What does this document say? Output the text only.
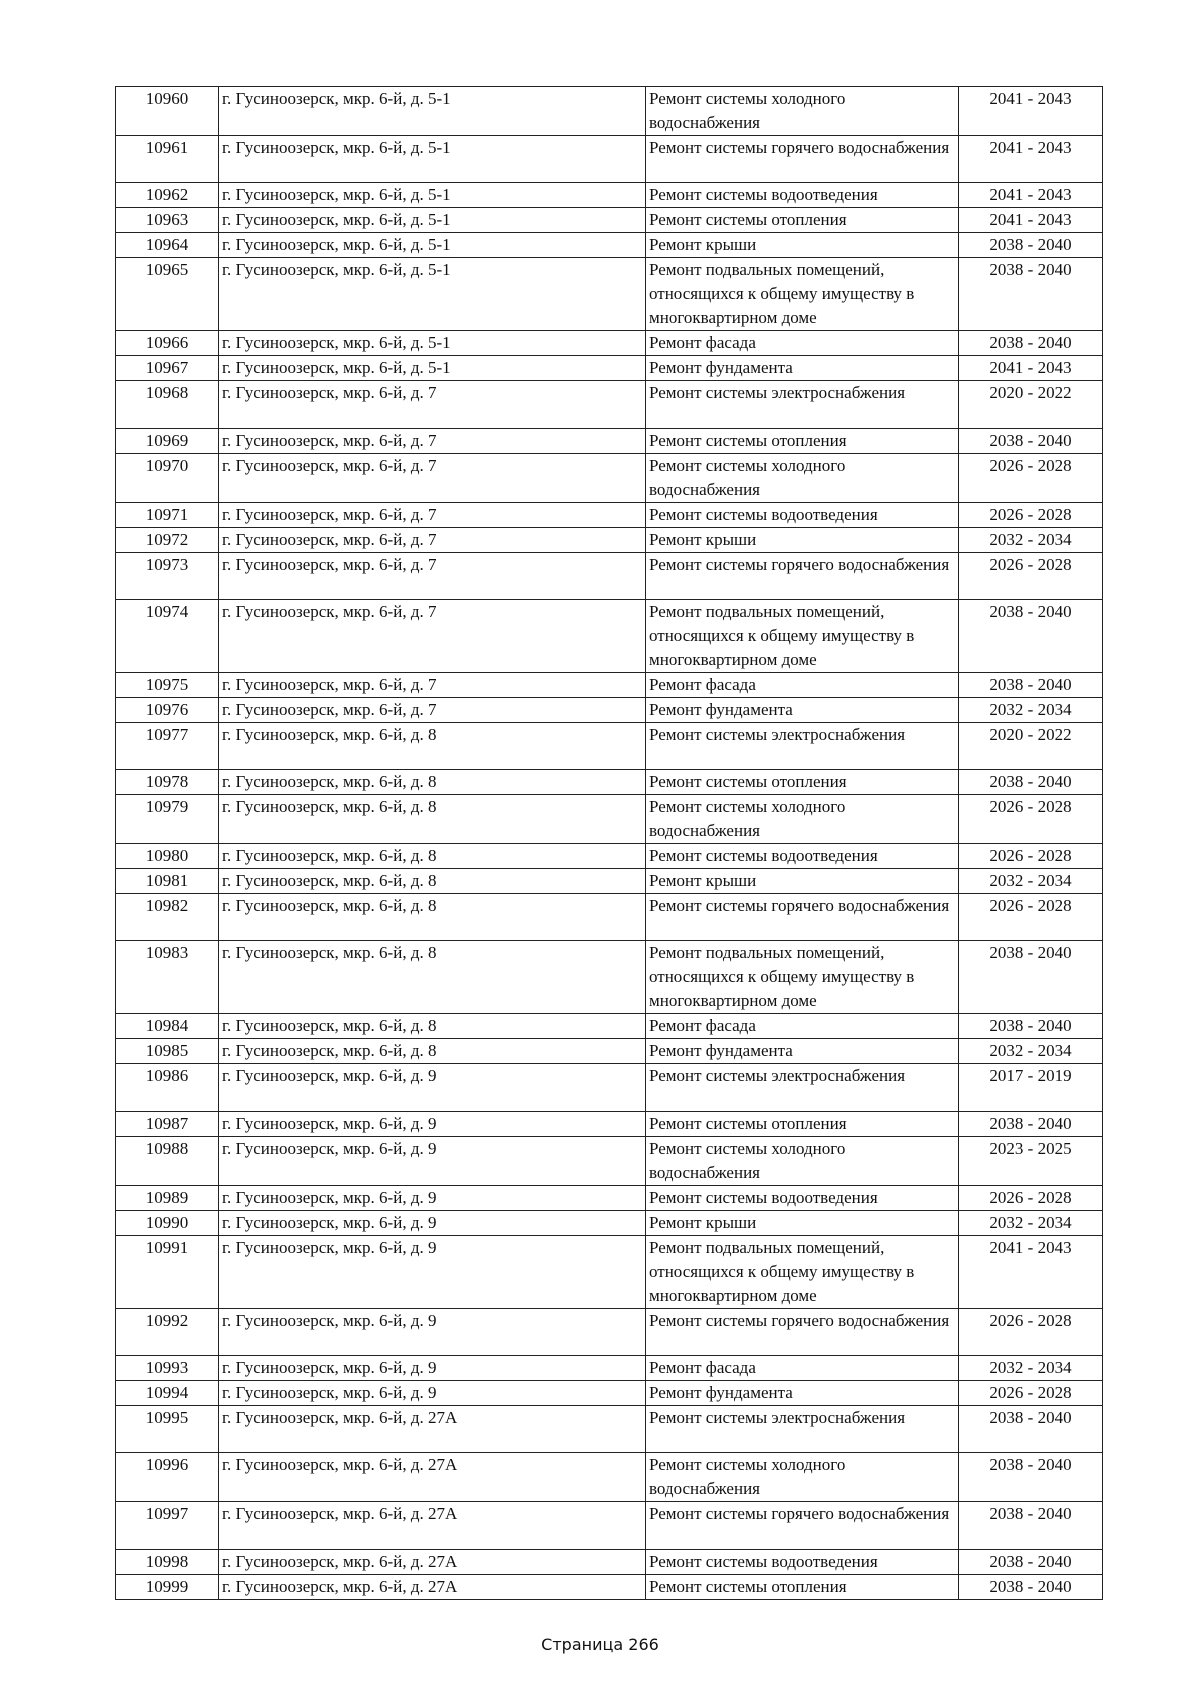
10960	г. Гусиноозерск, мкр. 6-й, д. 5-1	Ремонт системы холодного водоснабжения	2041 - 2043
10961	г. Гусиноозерск, мкр. 6-й, д. 5-1	Ремонт системы горячего водоснабжения	2041 - 2043
10962	г. Гусиноозерск, мкр. 6-й, д. 5-1	Ремонт системы водоотведения	2041 - 2043
10963	г. Гусиноозерск, мкр. 6-й, д. 5-1	Ремонт системы отопления	2041 - 2043
10964	г. Гусиноозерск, мкр. 6-й, д. 5-1	Ремонт крыши	2038 - 2040
10965	г. Гусиноозерск, мкр. 6-й, д. 5-1	Ремонт подвальных помещений, относящихся к общему имуществу в многоквартирном доме	2038 - 2040
10966	г. Гусиноозерск, мкр. 6-й, д. 5-1	Ремонт фасада	2038 - 2040
10967	г. Гусиноозерск, мкр. 6-й, д. 5-1	Ремонт фундамента	2041 - 2043
10968	г. Гусиноозерск, мкр. 6-й, д. 7	Ремонт системы электроснабжения	2020 - 2022
10969	г. Гусиноозерск, мкр. 6-й, д. 7	Ремонт системы отопления	2038 - 2040
10970	г. Гусиноозерск, мкр. 6-й, д. 7	Ремонт системы холодного водоснабжения	2026 - 2028
10971	г. Гусиноозерск, мкр. 6-й, д. 7	Ремонт системы водоотведения	2026 - 2028
10972	г. Гусиноозерск, мкр. 6-й, д. 7	Ремонт крыши	2032 - 2034
10973	г. Гусиноозерск, мкр. 6-й, д. 7	Ремонт системы горячего водоснабжения	2026 - 2028
10974	г. Гусиноозерск, мкр. 6-й, д. 7	Ремонт подвальных помещений, относящихся к общему имуществу в многоквартирном доме	2038 - 2040
10975	г. Гусиноозерск, мкр. 6-й, д. 7	Ремонт фасада	2038 - 2040
10976	г. Гусиноозерск, мкр. 6-й, д. 7	Ремонт фундамента	2032 - 2034
10977	г. Гусиноозерск, мкр. 6-й, д. 8	Ремонт системы электроснабжения	2020 - 2022
10978	г. Гусиноозерск, мкр. 6-й, д. 8	Ремонт системы отопления	2038 - 2040
10979	г. Гусиноозерск, мкр. 6-й, д. 8	Ремонт системы холодного водоснабжения	2026 - 2028
10980	г. Гусиноозерск, мкр. 6-й, д. 8	Ремонт системы водоотведения	2026 - 2028
10981	г. Гусиноозерск, мкр. 6-й, д. 8	Ремонт крыши	2032 - 2034
10982	г. Гусиноозерск, мкр. 6-й, д. 8	Ремонт системы горячего водоснабжения	2026 - 2028
10983	г. Гусиноозерск, мкр. 6-й, д. 8	Ремонт подвальных помещений, относящихся к общему имуществу в многоквартирном доме	2038 - 2040
10984	г. Гусиноозерск, мкр. 6-й, д. 8	Ремонт фасада	2038 - 2040
10985	г. Гусиноозерск, мкр. 6-й, д. 8	Ремонт фундамента	2032 - 2034
10986	г. Гусиноозерск, мкр. 6-й, д. 9	Ремонт системы электроснабжения	2017 - 2019
10987	г. Гусиноозерск, мкр. 6-й, д. 9	Ремонт системы отопления	2038 - 2040
10988	г. Гусиноозерск, мкр. 6-й, д. 9	Ремонт системы холодного водоснабжения	2023 - 2025
10989	г. Гусиноозерск, мкр. 6-й, д. 9	Ремонт системы водоотведения	2026 - 2028
10990	г. Гусиноозерск, мкр. 6-й, д. 9	Ремонт крыши	2032 - 2034
10991	г. Гусиноозерск, мкр. 6-й, д. 9	Ремонт подвальных помещений, относящихся к общему имуществу в многоквартирном доме	2041 - 2043
10992	г. Гусиноозерск, мкр. 6-й, д. 9	Ремонт системы горячего водоснабжения	2026 - 2028
10993	г. Гусиноозерск, мкр. 6-й, д. 9	Ремонт фасада	2032 - 2034
10994	г. Гусиноозерск, мкр. 6-й, д. 9	Ремонт фундамента	2026 - 2028
10995	г. Гусиноозерск, мкр. 6-й, д. 27А	Ремонт системы электроснабжения	2038 - 2040
10996	г. Гусиноозерск, мкр. 6-й, д. 27А	Ремонт системы холодного водоснабжения	2038 - 2040
10997	г. Гусиноозерск, мкр. 6-й, д. 27А	Ремонт системы горячего водоснабжения	2038 - 2040
10998	г. Гусиноозерск, мкр. 6-й, д. 27А	Ремонт системы водоотведения	2038 - 2040
10999	г. Гусиноозерск, мкр. 6-й, д. 27А	Ремонт системы отопления	2038 - 2040
Страница 266
